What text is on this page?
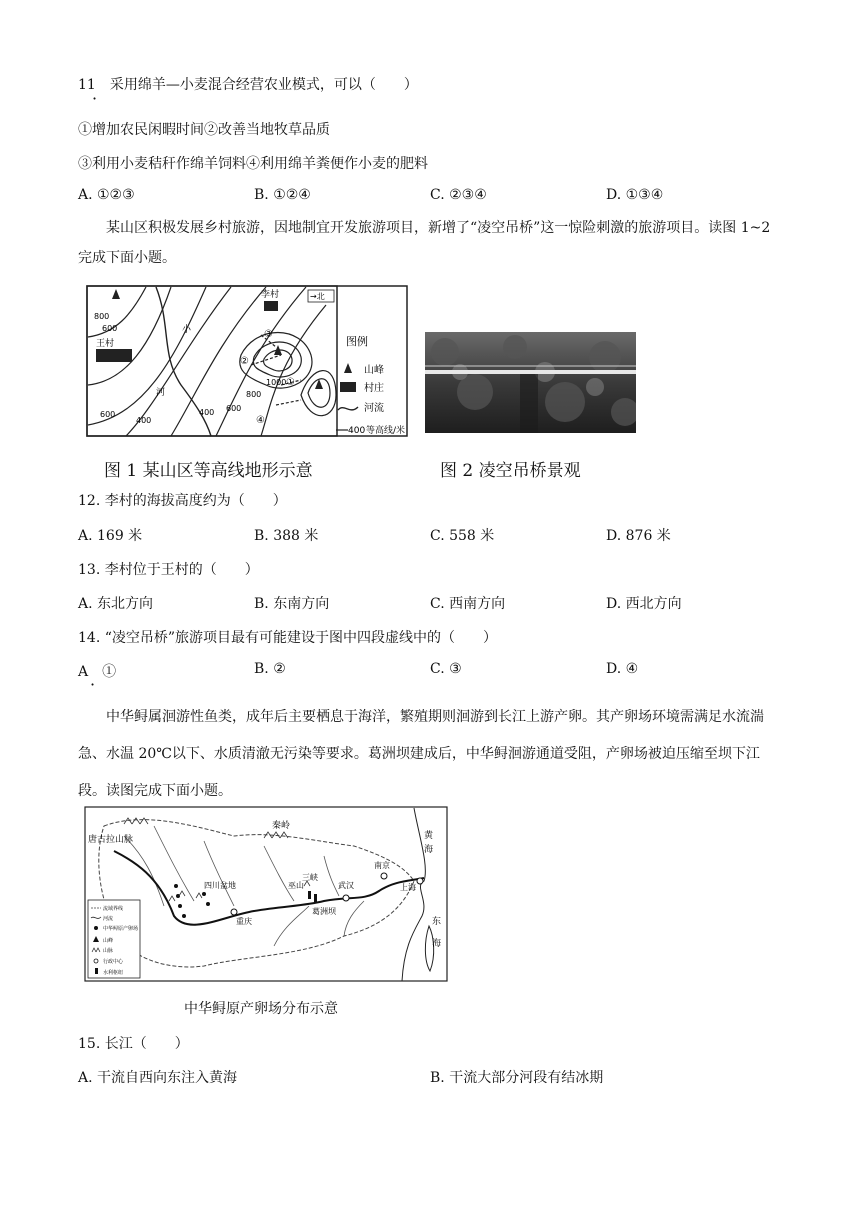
11　采用绵羊—小麦混合经营农业模式，可以（　　）
·
①增加农民闲暇时间②改善当地牧草品质
③利用小麦秸秆作绵羊饲料④利用绵羊粪便作小麦的肥料
A. ①②③	B. ①②④	C. ②③④	D. ①③④
　　某山区积极发展乡村旅游，因地制宜开发旅游项目，新增了“凌空吊桥”这一惊险刺激的旅游项目。读图 1~2 完成下面小题。
李村
王村
小
河
800
600
600
400
400 600
800
1000
②
③
①
④
→北
图例
山峰
村庄
河流
400 等高线/米
图 1 某山区等高线地形示意	图 2 凌空吊桥景观
12. 李村的海拔高度约为（　　）
A. 169 米	B. 388 米	C. 558 米	D. 876 米
13. 李村位于王村的（　　）
A. 东北方向	B. 东南方向	C. 西南方向	D. 西北方向
14. “凌空吊桥”旅游项目最有可能建设于图中四段虚线中的（　　）
A　①
·
B. ②	C. ③	D. ④
　　中华鲟属洄游性鱼类，成年后主要栖息于海洋，繁殖期则洄游到长江上游产卵。其产卵场环境需满足水流湍急、水温 20℃以下、水质清澈无污染等要求。葛洲坝建成后，中华鲟洄游通道受阻，产卵场被迫压缩至坝下江段。读图完成下面小题。
秦岭
唐古拉山脉
四川盆地
重庆
武汉
南京
上海
三峡
葛洲坝
巫山
黄
海
东
海
流域界线
河流
中华鲟原产卵场
山峰
山脉
行政中心
水利枢纽
中华鲟原产卵场分布示意
15. 长江（　　）
A. 干流自西向东注入黄海	B. 干流大部分河段有结冰期
